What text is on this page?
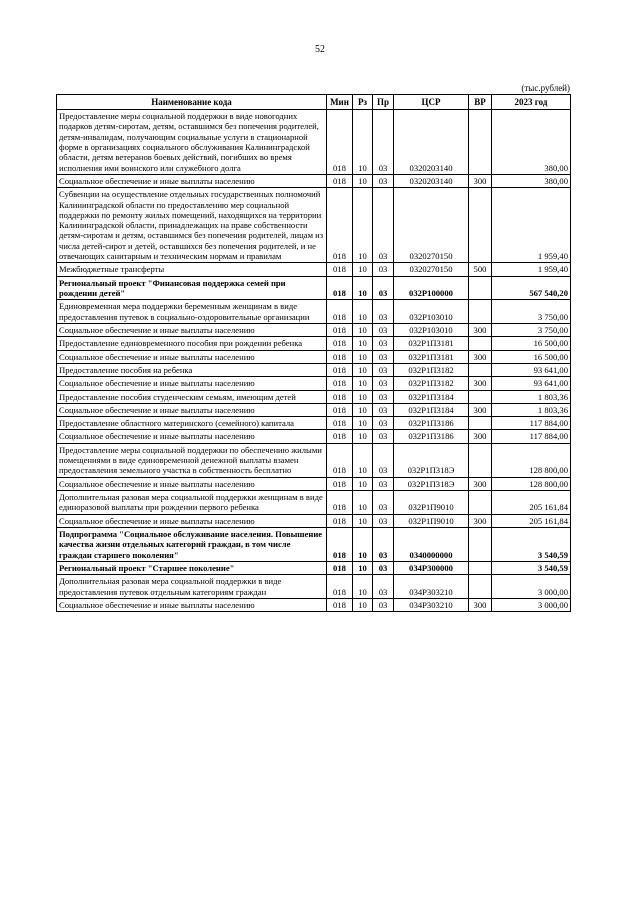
52
(тыс.рублей)
Наименование кода	Мин	Рз	Пр	ЦСР	ВР	2023 год
Предоставление меры социальной поддержки в виде новогодних подарков детям-сиротам, детям, оставшимся без попечения родителей, детям-инвалидам, получающим социальные услуги в стационарной форме в организациях социального обслуживания Калининградской области, детям ветеранов боевых действий, погибших во время исполнения ими воинского или служебного долга	018	10	03	0320203140		380,00
Социальное обеспечение и иные выплаты населению	018	10	03	0320203140	300	380,00
Субвенции на осуществление отдельных государственных полномочий Калининградской области по предоставлению мер социальной поддержки по ремонту жилых помещений, находящихся на территории Калининградской области, принадлежащих на праве собственности детям-сиротам и детям, оставшимся без попечения родителей, лицам из числа детей-сирот и детей, оставшихся без попечения родителей, и не отвечающих санитарным и техническим нормам и правилам	018	10	03	0320270150		1 959,40
Межбюджетные трансферты	018	10	03	0320270150	500	1 959,40
Региональный проект "Финансовая поддержка семей при рождении детей"	018	10	03	032P100000		567 540,20
Единовременная мера поддержки беременным женщинам в виде предоставления путевок в социально-оздоровительные организации	018	10	03	032P103010		3 750,00
Социальное обеспечение и иные выплаты населению	018	10	03	032P103010	300	3 750,00
Предоставление единовременного пособия при рождении ребенка	018	10	03	032P1П3181		16 500,00
Социальное обеспечение и иные выплаты населению	018	10	03	032P1П3181	300	16 500,00
Предоставление пособия на ребенка	018	10	03	032P1П3182		93 641,00
Социальное обеспечение и иные выплаты населению	018	10	03	032P1П3182	300	93 641,00
Предоставление пособия студенческим семьям, имеющим детей	018	10	03	032P1П3184		1 803,36
Социальное обеспечение и иные выплаты населению	018	10	03	032P1П3184	300	1 803,36
Предоставление областного материнского (семейного) капитала	018	10	03	032P1П3186		117 884,00
Социальное обеспечение и иные выплаты населению	018	10	03	032P1П3186	300	117 884,00
Предоставление меры социальной поддержки по обеспечению жилыми помещениями в виде единовременной денежной выплаты взамен предоставления земельного участка в собственность бесплатно	018	10	03	032P1П318Э		128 800,00
Социальное обеспечение и иные выплаты населению	018	10	03	032P1П318Э	300	128 800,00
Дополнительная разовая мера социальной поддержки женщинам в виде единоразовой выплаты при рождении первого ребенка	018	10	03	032P1П9010		205 161,84
Социальное обеспечение и иные выплаты населению	018	10	03	032P1П9010	300	205 161,84
Подпрограмма "Социальное обслуживание населения. Повышение качества жизни отдельных категорий граждан, в том числе граждан старшего поколения"	018	10	03	0340000000		3 540,59
Региональный проект "Старшее поколение"	018	10	03	034P300000		3 540,59
Дополнительная разовая мера социальной поддержки в виде предоставления путевок отдельным категориям граждан	018	10	03	034P303210		3 000,00
Социальное обеспечение и иные выплаты населению	018	10	03	034P303210	300	3 000,00
